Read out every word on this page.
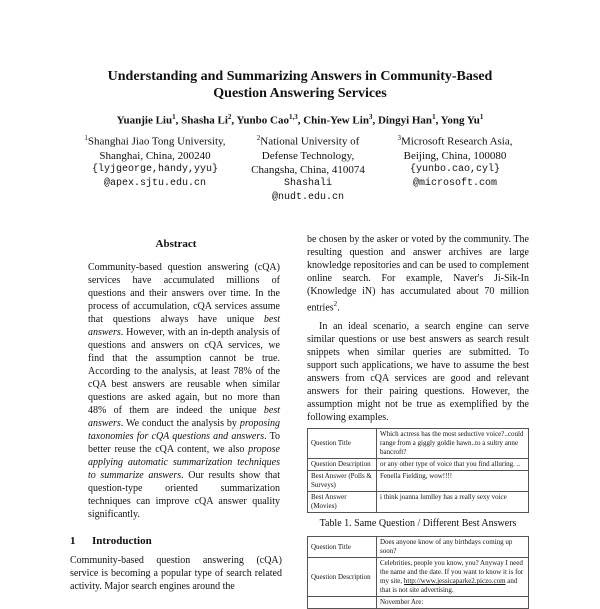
Understanding and Summarizing Answers in Community-Based
Question Answering Services
Yuanjie Liu$^1$, Shasha Li$^2$, Yunbo Cao$^{1,3}$, Chin-Yew Lin$^3$, Dingyi Han$^1$, Yong Yu$^1$
$^1$Shanghai Jiao Tong University,
Shanghai, China, 200240
{lyjgeorge,handy,yyu}
@apex.sjtu.edu.cn
$^2$National University of
Defense Technology,
Changsha, China, 410074
Shashali
@nudt.edu.cn
$^3$Microsoft Research Asia,
Beijing, China, 100080
{yunbo.cao,cyl}
@microsoft.com
Abstract

Community-based question answering (cQA) services have accumulated millions of questions and their answers over time. In the process of accumulation, cQA services assume that questions always have unique best answers. However, with an in-depth analysis of questions and answers on cQA services, we find that the assumption cannot be true. According to the analysis, at least 78% of the cQA best answers are reusable when similar questions are asked again, but no more than 48% of them are indeed the unique best answers. We conduct the analysis by proposing taxonomies for cQA questions and answers. To better reuse the cQA content, we also propose applying automatic summarization techniques to summarize answers. Our results show that question-type oriented summarization techniques can improve cQA answer quality significantly.

1 Introduction

Community-based question answering (cQA) service is becoming a popular type of search related activity. Major search engines around the

be chosen by the asker or voted by the community. The resulting question and answer archives are large knowledge repositories and can be used to complement online search. For example, Naver's Ji-Sik-In (Knowledge iN) has accumulated about 70 million entries$^2$.

In an ideal scenario, a search engine can serve similar questions or use best answers as search result snippets when similar queries are submitted. To support such applications, we have to assume the best answers from cQA services are good and relevant answers for their pairing questions. However, the assumption might not be true as exemplified by the following examples.

Question Title	Which actress has the most seductive voice?..could range from a giggly goldie hawn..to a sultry anne bancroft?
Question Description	or any other type of voice that you find alluring. ..
Best Answer (Polls & Surveys)	Fenella Fielding, wow!!!!
Best Answer (Movies)	i think joanna lumlley has a really sexy voice
Table 1. Same Question / Different Best Answers
Question Title	Does anyone know of any birthdays coming up soon?
Question Description	Celebrities, people you know, you? Anyway I need the name and the date. If you want to know it is for my site, http://www.jessicaparke2.piczo.com and that is not site advertising.
	November Are:
